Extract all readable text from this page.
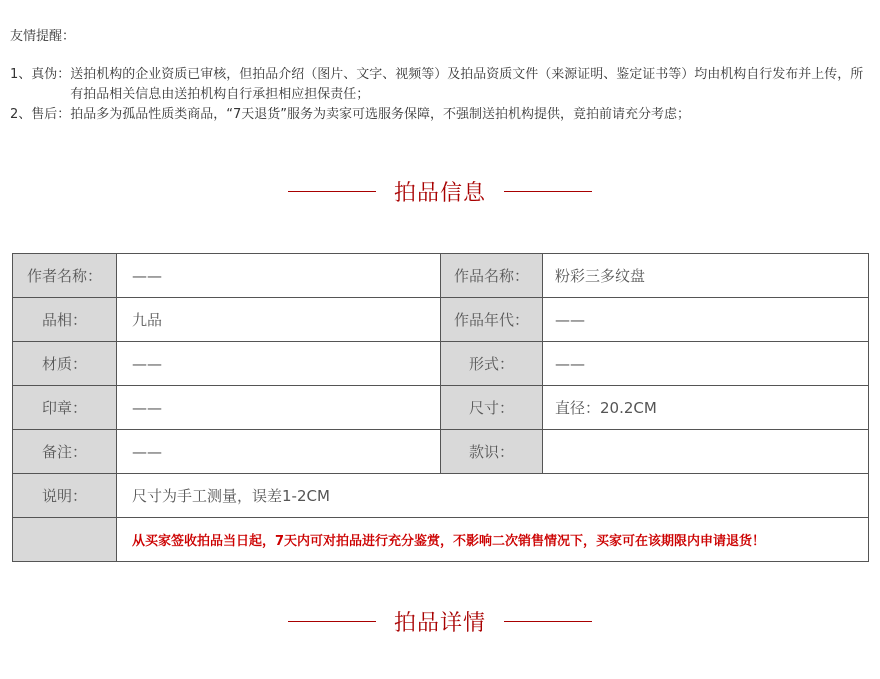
友情提醒：
1、真伪： 送拍机构的企业资质已审核，但拍品介绍（图片、文字、视频等）及拍品资质文件（来源证明、鉴定证书等）均由机构自行发布并上传，所有拍品相关信息由送拍机构自行承担相应担保责任；
2、售后： 拍品多为孤品性质类商品，“7天退货”服务为卖家可选服务保障，不强制送拍机构提供，竟拍前请充分考虑；
拍品信息
作者名称：	——	作品名称：	粉彩三多纹盘
品相：	九品	作品年代：	——
材质：	——	形式：	——
印章：	——	尺寸：	直径：20.2CM
备注：	——	款识：	
说明：	尺寸为手工测量，误差1-2CM		
	从买家签收拍品当日起，7天内可对拍品进行充分鉴赏，不影响二次销售情况下，买家可在该期限内申请退货！		
拍品详情
